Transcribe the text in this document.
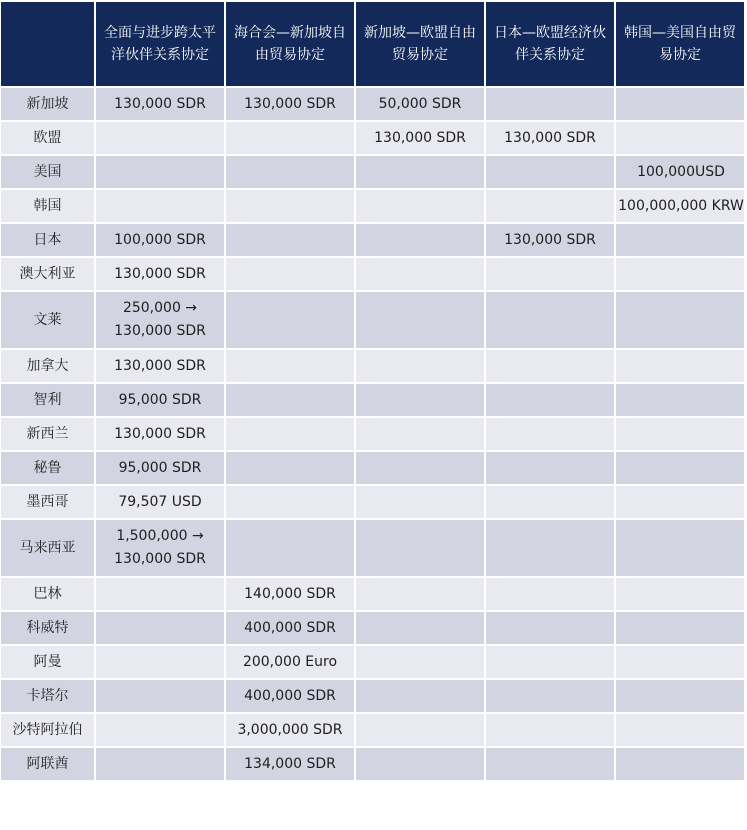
	全面与进步跨太平洋伙伴关系协定	海合会—新加坡自由贸易协定	新加坡—欧盟自由贸易协定	日本—欧盟经济伙伴关系协定	韩国—美国自由贸易协定
新加坡	130,000 SDR	130,000 SDR	50,000 SDR		
欧盟			130,000 SDR	130,000 SDR	
美国					100,000USD
韩国					100,000,000 KRW
日本	100,000 SDR			130,000 SDR	
澳大利亚	130,000 SDR				
文莱	250,000 →
130,000 SDR				
加拿大	130,000 SDR				
智利	95,000 SDR				
新西兰	130,000 SDR				
秘鲁	95,000 SDR				
墨西哥	79,507 USD				
马来西亚	1,500,000 →
130,000 SDR				
巴林		140,000 SDR			
科威特		400,000 SDR			
阿曼		200,000 Euro			
卡塔尔		400,000 SDR			
沙特阿拉伯		3,000,000 SDR			
阿联酋		134,000 SDR			
